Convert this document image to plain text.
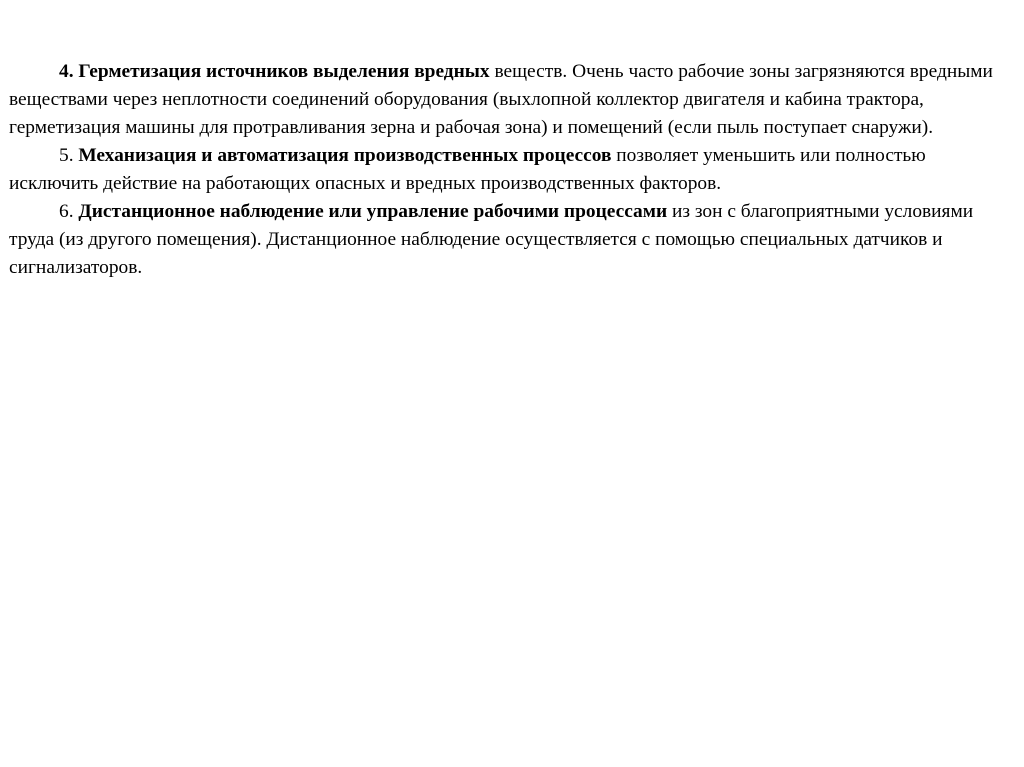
4. Герметизация источников выделения вредных веществ. Очень часто рабочие зоны загрязняются вредными веществами через неплотности соединений оборудования (выхлопной коллектор двигателя и кабина трактора, герметизация машины для протравливания зерна и рабочая зона) и помещений (если пыль поступает снаружи).

5. Механизация и автоматизация производственных процессов позволяет уменьшить или полностью исключить действие на работающих опасных и вредных производственных факторов.

6. Дистанционное наблюдение или управление рабочими процессами из зон с благоприятными условиями труда (из другого помещения). Дистанционное наблюдение осуществляется с помощью специальных датчиков и сигнализаторов.
